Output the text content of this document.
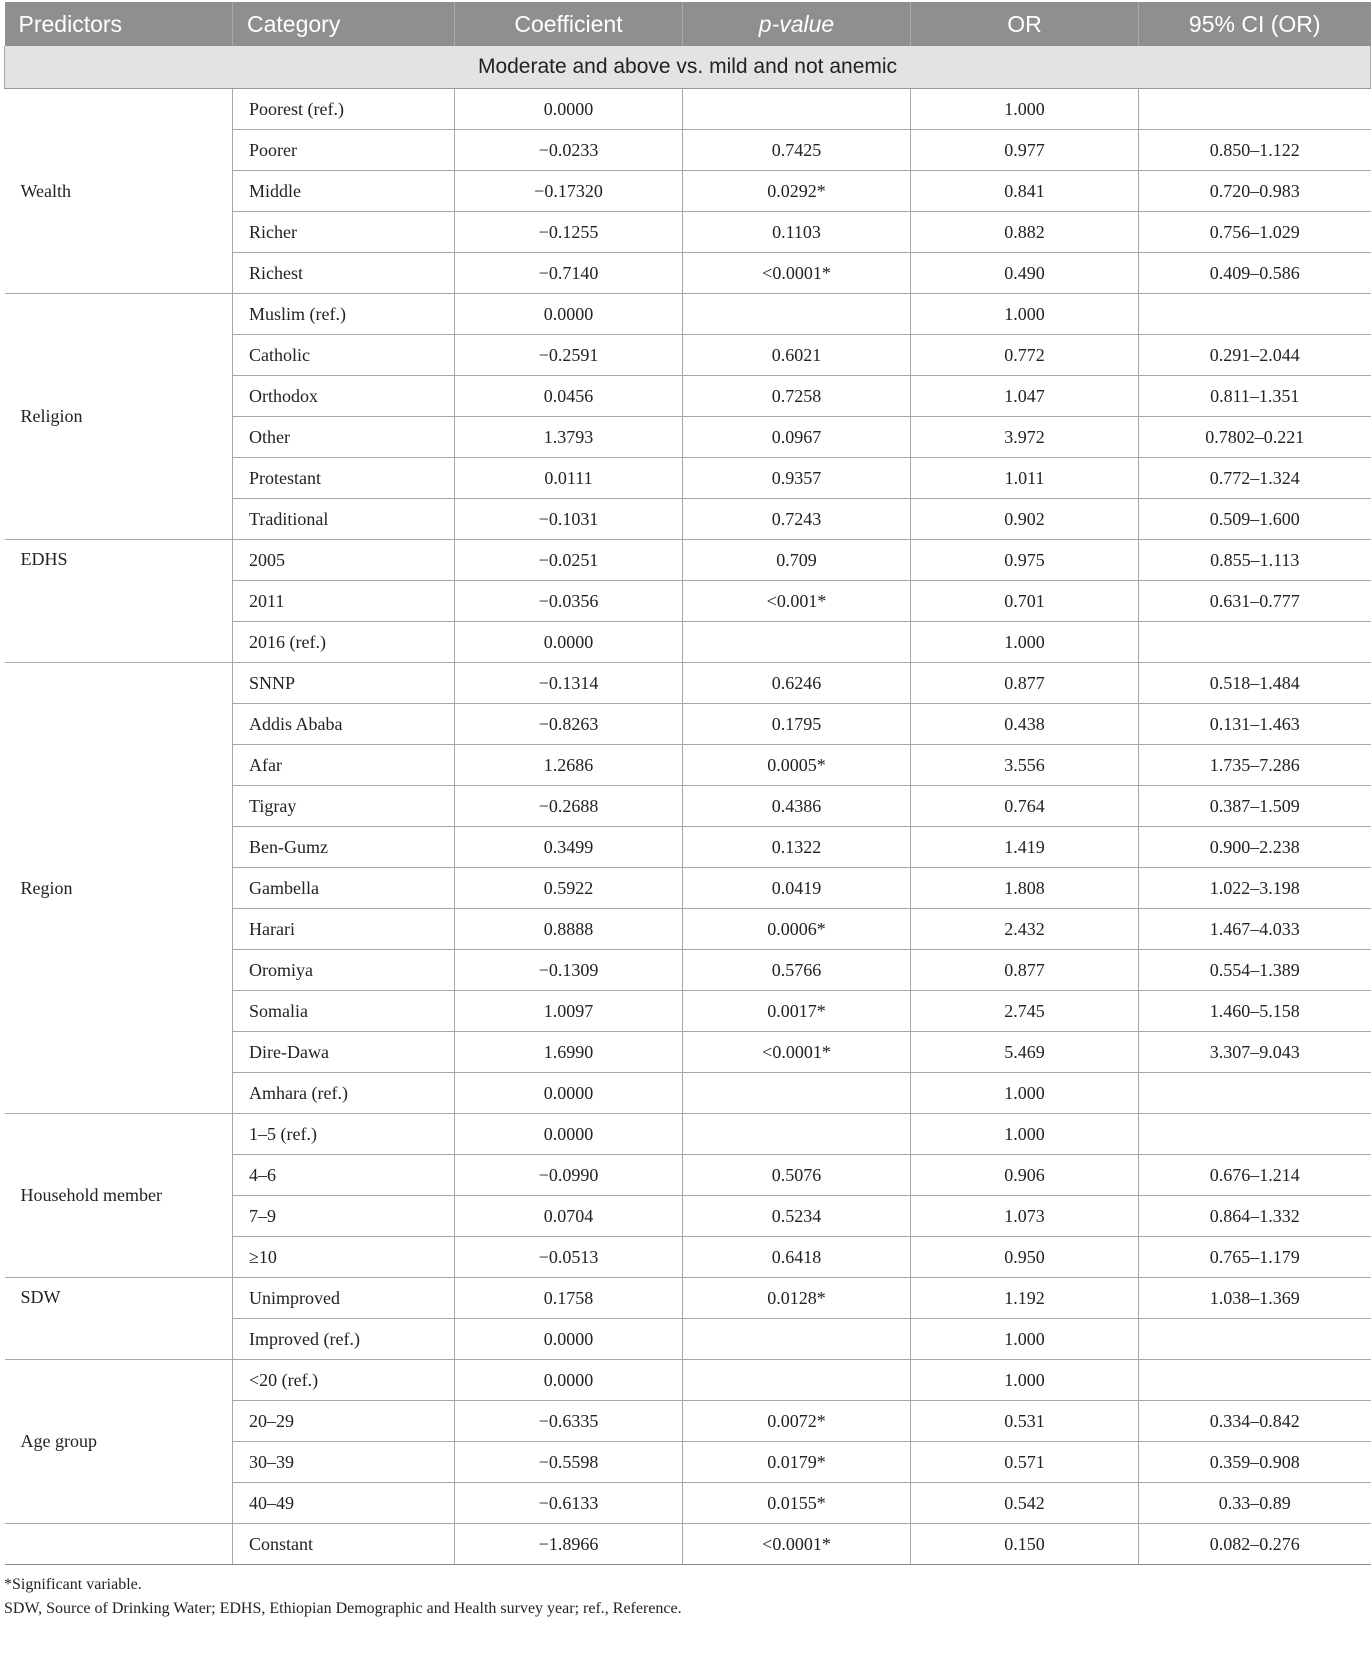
Predictors	Category	Coefficient	p-value	OR	95% CI (OR)
Moderate and above vs. mild and not anemic					
Wealth	Poorest (ref.)	0.0000		1.000	
	Poorer	−0.0233	0.7425	0.977	0.850–1.122
	Middle	−0.17320	0.0292*	0.841	0.720–0.983
	Richer	−0.1255	0.1103	0.882	0.756–1.029
	Richest	−0.7140	<0.0001*	0.490	0.409–0.586
Religion	Muslim (ref.)	0.0000		1.000	
	Catholic	−0.2591	0.6021	0.772	0.291–2.044
	Orthodox	0.0456	0.7258	1.047	0.811–1.351
	Other	1.3793	0.0967	3.972	0.7802–0.221
	Protestant	0.0111	0.9357	1.011	0.772–1.324
	Traditional	−0.1031	0.7243	0.902	0.509–1.600
EDHS	2005	−0.0251	0.709	0.975	0.855–1.113
	2011	−0.0356	<0.001*	0.701	0.631–0.777
	2016 (ref.)	0.0000		1.000	
Region	SNNP	−0.1314	0.6246	0.877	0.518–1.484
	Addis Ababa	−0.8263	0.1795	0.438	0.131–1.463
	Afar	1.2686	0.0005*	3.556	1.735–7.286
	Tigray	−0.2688	0.4386	0.764	0.387–1.509
	Ben-Gumz	0.3499	0.1322	1.419	0.900–2.238
	Gambella	0.5922	0.0419	1.808	1.022–3.198
	Harari	0.8888	0.0006*	2.432	1.467–4.033
	Oromiya	−0.1309	0.5766	0.877	0.554–1.389
	Somalia	1.0097	0.0017*	2.745	1.460–5.158
	Dire-Dawa	1.6990	<0.0001*	5.469	3.307–9.043
	Amhara (ref.)	0.0000		1.000	
Household member	1–5 (ref.)	0.0000		1.000	
	4–6	−0.0990	0.5076	0.906	0.676–1.214
	7–9	0.0704	0.5234	1.073	0.864–1.332
	≥10	−0.0513	0.6418	0.950	0.765–1.179
SDW	Unimproved	0.1758	0.0128*	1.192	1.038–1.369
	Improved (ref.)	0.0000		1.000	
Age group	<20 (ref.)	0.0000		1.000	
	20–29	−0.6335	0.0072*	0.531	0.334–0.842
	30–39	−0.5598	0.0179*	0.571	0.359–0.908
	40–49	−0.6133	0.0155*	0.542	0.33–0.89
	Constant	−1.8966	<0.0001*	0.150	0.082–0.276
*Significant variable.
SDW, Source of Drinking Water; EDHS, Ethiopian Demographic and Health survey year; ref., Reference.
